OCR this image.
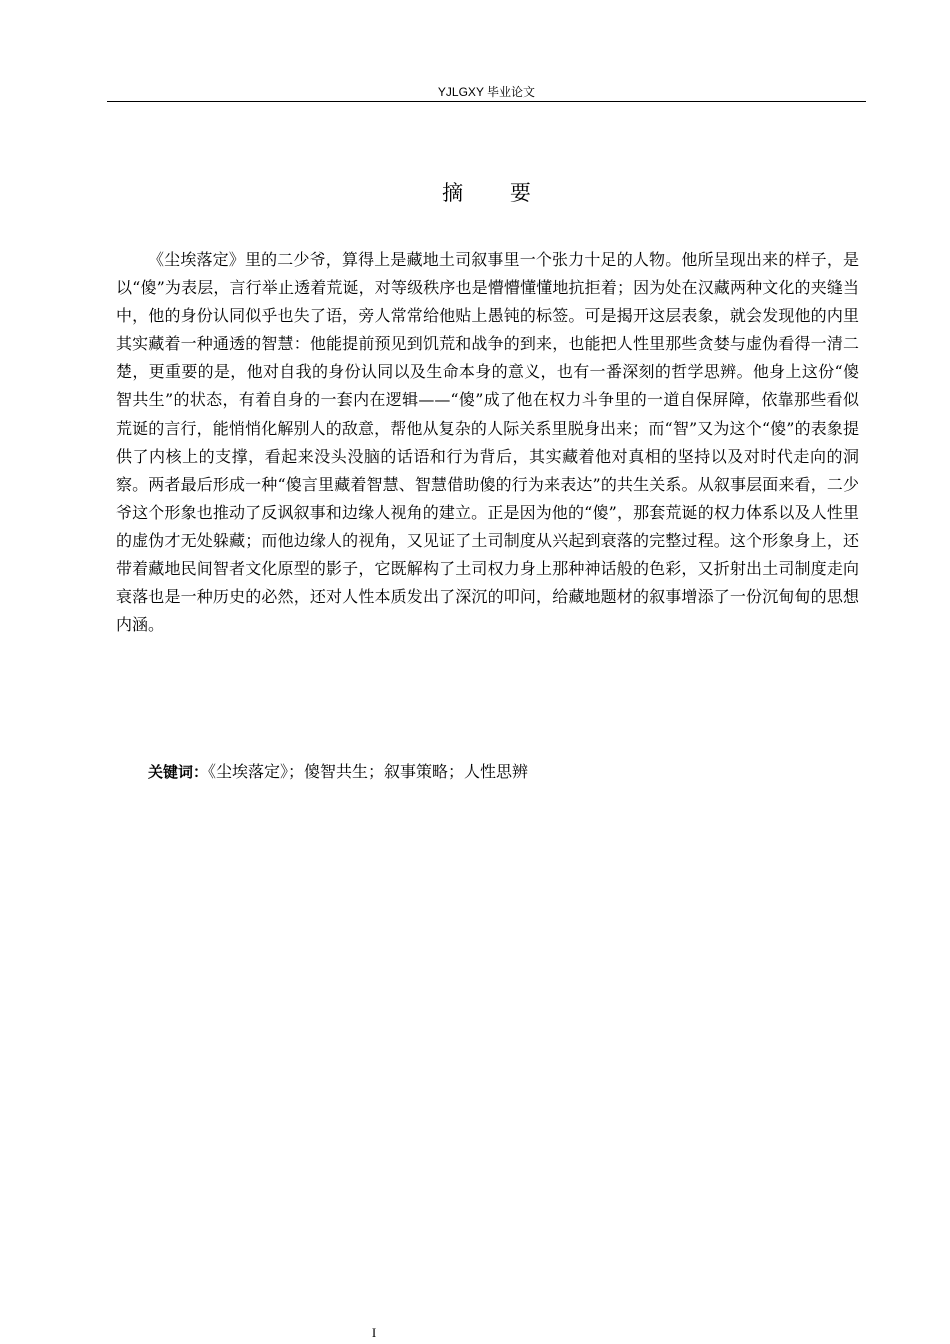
YJLGXY 毕业论文
摘 要

《尘埃落定》里的二少爷，算得上是藏地土司叙事里一个张力十足的人物。他所呈现出来的样子，是以“傻”为表层，言行举止透着荒诞，对等级秩序也是懵懵懂懂地抗拒着；因为处在汉藏两种文化的夹缝当中，他的身份认同似乎也失了语，旁人常常给他贴上愚钝的标签。可是揭开这层表象，就会发现他的内里其实藏着一种通透的智慧：他能提前预见到饥荒和战争的到来，也能把人性里那些贪婪与虚伪看得一清二楚，更重要的是，他对自我的身份认同以及生命本身的意义，也有一番深刻的哲学思辨。他身上这份“傻智共生”的状态，有着自身的一套内在逻辑——“傻”成了他在权力斗争里的一道自保屏障，依靠那些看似荒诞的言行，能悄悄化解别人的敌意，帮他从复杂的人际关系里脱身出来；而“智”又为这个“傻”的表象提供了内核上的支撑，看起来没头没脑的话语和行为背后，其实藏着他对真相的坚持以及对时代走向的洞察。两者最后形成一种“傻言里藏着智慧、智慧借助傻的行为来表达”的共生关系。从叙事层面来看，二少爷这个形象也推动了反讽叙事和边缘人视角的建立。正是因为他的“傻”，那套荒诞的权力体系以及人性里的虚伪才无处躲藏；而他边缘人的视角，又见证了土司制度从兴起到衰落的完整过程。这个形象身上，还带着藏地民间智者文化原型的影子，它既解构了土司权力身上那种神话般的色彩，又折射出土司制度走向衰落也是一种历史的必然，还对人性本质发出了深沉的叩问，给藏地题材的叙事增添了一份沉甸甸的思想内涵。

关键词：《尘埃落定》；傻智共生；叙事策略；人性思辨
I
